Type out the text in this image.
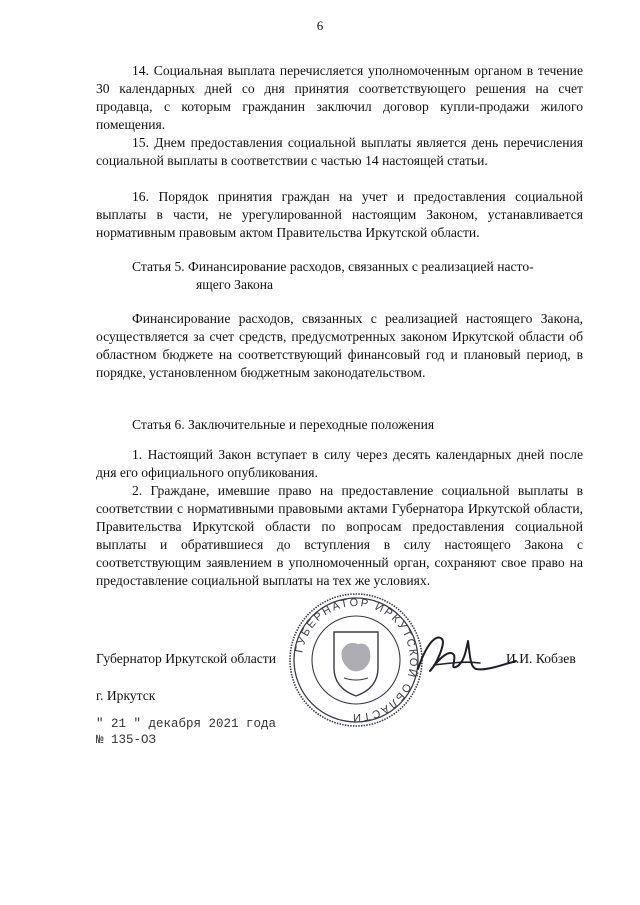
6

14. Социальная выплата перечисляется уполномоченным органом в течение 30 календарных дней со дня принятия соответствующего решения на счет продавца, с которым гражданин заключил договор купли-продажи жилого помещения.

15. Днем предоставления социальной выплаты является день перечисления социальной выплаты в соответствии с частью 14 настоящей статьи.

16. Порядок принятия граждан на учет и предоставления социальной выплаты в части, не урегулированной настоящим Законом, устанавливается нормативным правовым актом Правительства Иркутской области.

Статья 5. Финансирование расходов, связанных с реализацией насто-
ящего Закона

Финансирование расходов, связанных с реализацией настоящего Закона, осуществляется за счет средств, предусмотренных законом Иркутской области об областном бюджете на соответствующий финансовый год и плановый период, в порядке, установленном бюджетным законодательством.

Статья 6. Заключительные и переходные положения

1. Настоящий Закон вступает в силу через десять календарных дней после дня его официального опубликования.

2. Граждане, имевшие право на предоставление социальной выплаты в соответствии с нормативными правовыми актами Губернатора Иркутской области, Правительства Иркутской области по вопросам предоставления социальной выплаты и обратившиеся до вступления в силу настоящего Закона с соответствующим заявлением в уполномоченный орган, сохраняют свое право на предоставление социальной выплаты на тех же условиях.

Губернатор Иркутской области
ГУБЕРНАТОР ИРКУТСКОЙ ОБЛАСТИ
И.И. Кобзев
г. Иркутск
" 21 " декабря 2021 года
№ 135-ОЗ
